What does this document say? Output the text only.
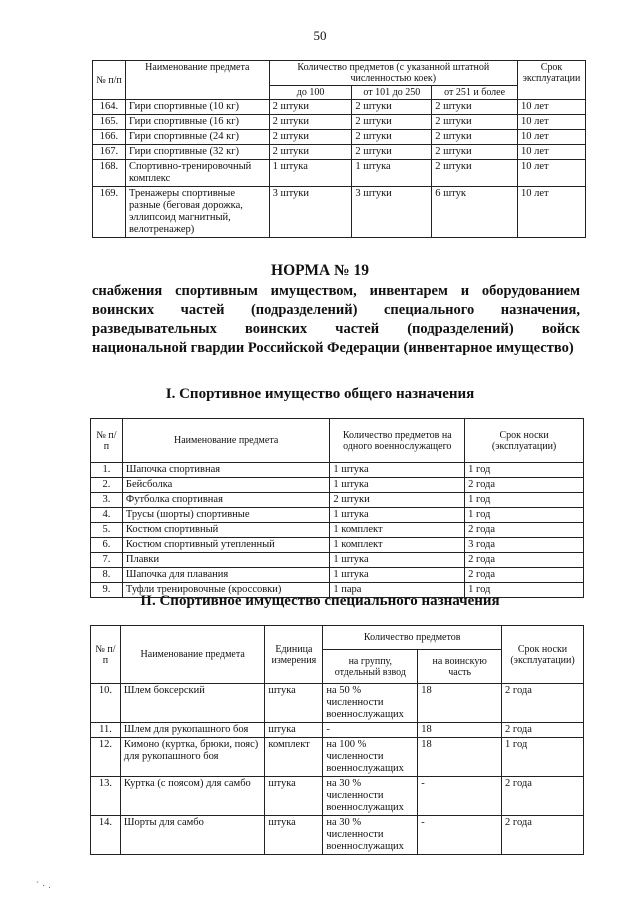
50
№ п/п	Наименование предмета	Количество предметов (с указанной штатной численностью коек)			Срок эксплуатации
		до 100	от 101 до 250	от 251 и более	
164.	Гири спортивные (10 кг)	2 штуки	2 штуки	2 штуки	10 лет
165.	Гири спортивные (16 кг)	2 штуки	2 штуки	2 штуки	10 лет
166.	Гири спортивные (24 кг)	2 штуки	2 штуки	2 штуки	10 лет
167.	Гири спортивные (32 кг)	2 штуки	2 штуки	2 штуки	10 лет
168.	Спортивно-тренировочный комплекс	1 штука	1 штука	2 штуки	10 лет
169.	Тренажеры спортивные разные (беговая дорожка, эллипсоид магнитный, велотренажер)	3 штуки	3 штуки	6 штук	10 лет
НОРМА № 19
снабжения спортивным имуществом, инвентарем и оборудованием воинских частей (подразделений) специального назначения, разведывательных воинских частей (подразделений) войск национальной гвардии Российской Федерации (инвентарное имущество)
I. Спортивное имущество общего назначения
№ п/п	Наименование предмета	Количество предметов на одного военнослужащего	Срок носки (эксплуатации)
1.	Шапочка спортивная	1 штука	1 год
2.	Бейсболка	1 штука	2 года
3.	Футболка спортивная	2 штуки	1 год
4.	Трусы (шорты) спортивные	1 штука	1 год
5.	Костюм спортивный	1 комплект	2 года
6.	Костюм спортивный утепленный	1 комплект	3 года
7.	Плавки	1 штука	2 года
8.	Шапочка для плавания	1 штука	2 года
9.	Туфли тренировочные (кроссовки)	1 пара	1 год
II. Спортивное имущество специального назначения
№ п/п	Наименование предмета	Единица измерения	Количество предметов		Срок носки (эксплуатации)
			на группу, отдельный взвод	на воинскую часть	
10.	Шлем боксерский	штука	на 50 % численности военнослужащих	18	2 года
11.	Шлем для рукопашного боя	штука	-	18	2 года
12.	Кимоно (куртка, брюки, пояс) для рукопашного боя	комплект	на 100 % численности военнослужащих	18	1 год
13.	Куртка (с поясом) для самбо	штука	на 30 % численности военнослужащих	-	2 года
14.	Шорты для самбо	штука	на 30 % численности военнослужащих	-	2 года
` ٠ .
